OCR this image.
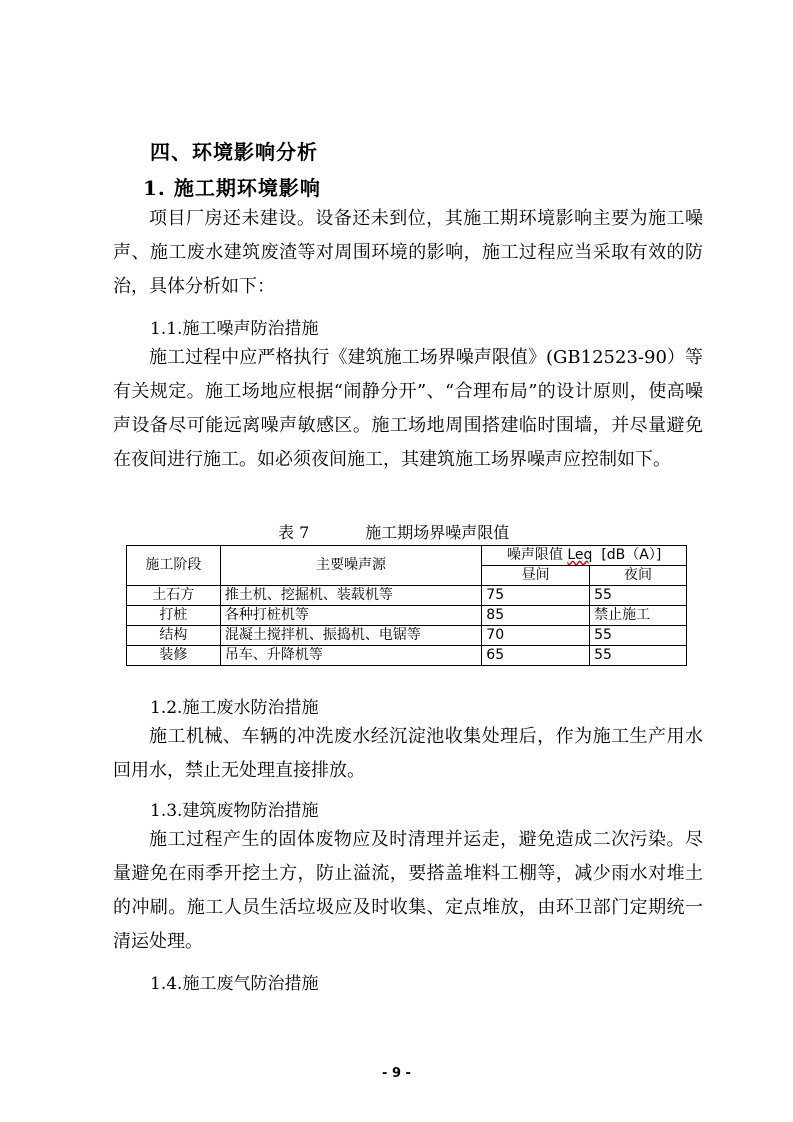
四、环境影响分析
1. 施工期环境影响
项目厂房还未建设。设备还未到位，其施工期环境影响主要为施工噪声、施工废水建筑废渣等对周围环境的影响，施工过程应当采取有效的防治，具体分析如下：
1.1.施工噪声防治措施
施工过程中应严格执行《建筑施工场界噪声限值》(GB12523-90）等有关规定。施工场地应根据“闹静分开”、“合理布局”的设计原则，使高噪声设备尽可能远离噪声敏感区。施工场地周围搭建临时围墙，并尽量避免在夜间进行施工。如必须夜间施工，其建筑施工场界噪声应控制如下。
表 7	施工期场界噪声限值
施工阶段	主要噪声源	噪声限值 Leq  [dB（A）]	
		昼间	夜间
土石方	推土机、挖掘机、装载机等	75	55
打桩	各种打桩机等	85	禁止施工
结构	混凝土搅拌机、振捣机、电锯等	70	55
装修	吊车、升降机等	65	55
1.2.施工废水防治措施
施工机械、车辆的冲洗废水经沉淀池收集处理后，作为施工生产用水回用水，禁止无处理直接排放。
1.3.建筑废物防治措施
施工过程产生的固体废物应及时清理并运走，避免造成二次污染。尽量避免在雨季开挖土方，防止溢流，要搭盖堆料工棚等，减少雨水对堆土的冲刷。施工人员生活垃圾应及时收集、定点堆放，由环卫部门定期统一清运处理。
1.4.施工废气防治措施
- 9 -
